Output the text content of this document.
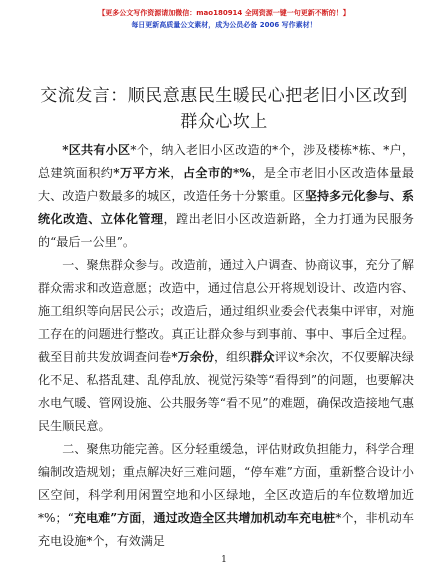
【更多公文写作资源请加微信：mao180914 全网资源一键一句更新不断的！】
每日更新高质量公文素材，成为公员必备 2006 写作素材！
交流发言：顺民意惠民生暖民心把老旧小区改到群众心坎上

*区共有小区*个，纳入老旧小区改造的*个，涉及楼栋*栋、*户，总建筑面积约*万平方米，占全市的*%，是全市老旧小区改造体量最大、改造户数最多的城区，改造任务十分繁重。区坚持多元化参与、系统化改造、立体化管理，蹚出老旧小区改造新路，全力打通为民服务的“最后一公里”。

一、聚焦群众参与。改造前，通过入户调查、协商议事，充分了解群众需求和改造意愿；改造中，通过信息公开将规划设计、改造内容、施工组织等向居民公示；改造后，通过组织业委会代表集中评审，对施工存在的问题进行整改。真正让群众参与到事前、事中、事后全过程。截至目前共发放调查问卷*万余份，组织群众评议*余次，不仅要解决绿化不足、私搭乱建、乱停乱放、视觉污染等“看得到”的问题，也要解决水电气暖、管网设施、公共服务等“看不见”的难题，确保改造接地气惠民生顺民意。

二、聚焦功能完善。区分轻重缓急，评估财政负担能力，科学合理编制改造规划；重点解决好三难问题，“停车难”方面，重新整合设计小区空间，科学利用闲置空地和小区绿地，全区改造后的车位数增加近*%；“充电难”方面，通过改造全区共增加机动车充电桩*个，非机动车充电设施*个，有效满足

1
